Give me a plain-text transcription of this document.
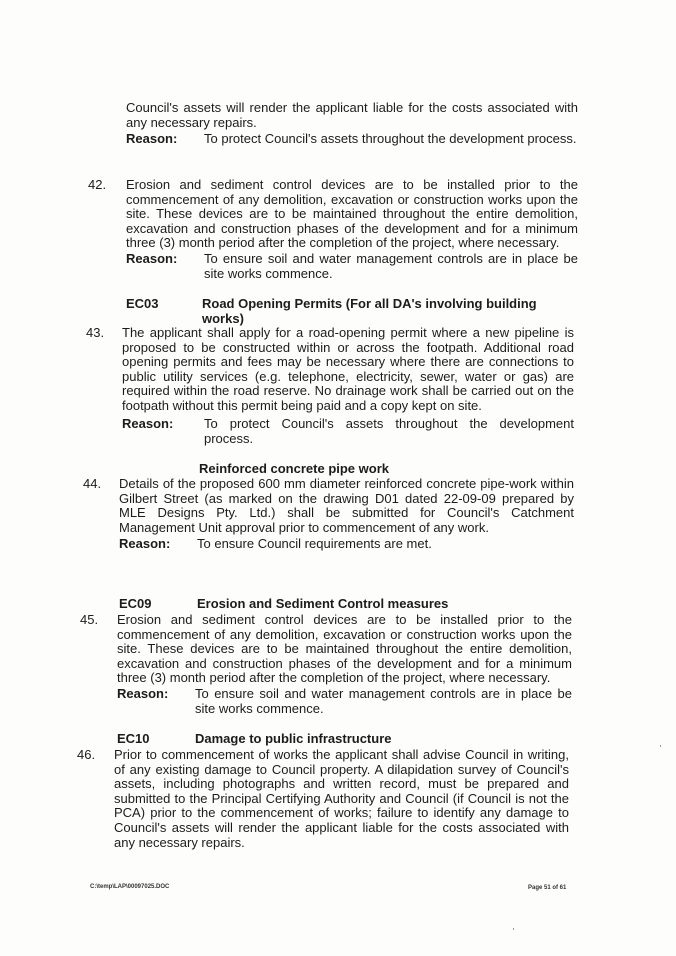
Council's assets will render the applicant liable for the costs associated with any necessary repairs.
Reason:	To protect Council's assets throughout the development process.
42. Erosion and sediment control devices are to be installed prior to the commencement of any demolition, excavation or construction works upon the site. These devices are to be maintained throughout the entire demolition, excavation and construction phases of the development and for a minimum three (3) month period after the completion of the project, where necessary.
Reason:	To ensure soil and water management controls are in place be site works commence.
EC03	Road Opening Permits (For all DA's involving building works)
43. The applicant shall apply for a road-opening permit where a new pipeline is proposed to be constructed within or across the footpath. Additional road opening permits and fees may be necessary where there are connections to public utility services (e.g. telephone, electricity, sewer, water or gas) are required within the road reserve. No drainage work shall be carried out on the footpath without this permit being paid and a copy kept on site.
Reason:	To protect Council's assets throughout the development process.
Reinforced concrete pipe work
44. Details of the proposed 600 mm diameter reinforced concrete pipe-work within Gilbert Street (as marked on the drawing D01 dated 22-09-09 prepared by MLE Designs Pty. Ltd.) shall be submitted for Council's Catchment Management Unit approval prior to commencement of any work.
Reason:	To ensure Council requirements are met.
EC09	Erosion and Sediment Control measures
45. Erosion and sediment control devices are to be installed prior to the commencement of any demolition, excavation or construction works upon the site. These devices are to be maintained throughout the entire demolition, excavation and construction phases of the development and for a minimum three (3) month period after the completion of the project, where necessary.
Reason:	To ensure soil and water management controls are in place be site works commence.
EC10	Damage to public infrastructure
46. Prior to commencement of works the applicant shall advise Council in writing, of any existing damage to Council property. A dilapidation survey of Council's assets, including photographs and written record, must be prepared and submitted to the Principal Certifying Authority and Council (if Council is not the PCA) prior to the commencement of works; failure to identify any damage to Council's assets will render the applicant liable for the costs associated with any necessary repairs.
C:\temp\LAP\00097025.DOC	Page 51 of 61
